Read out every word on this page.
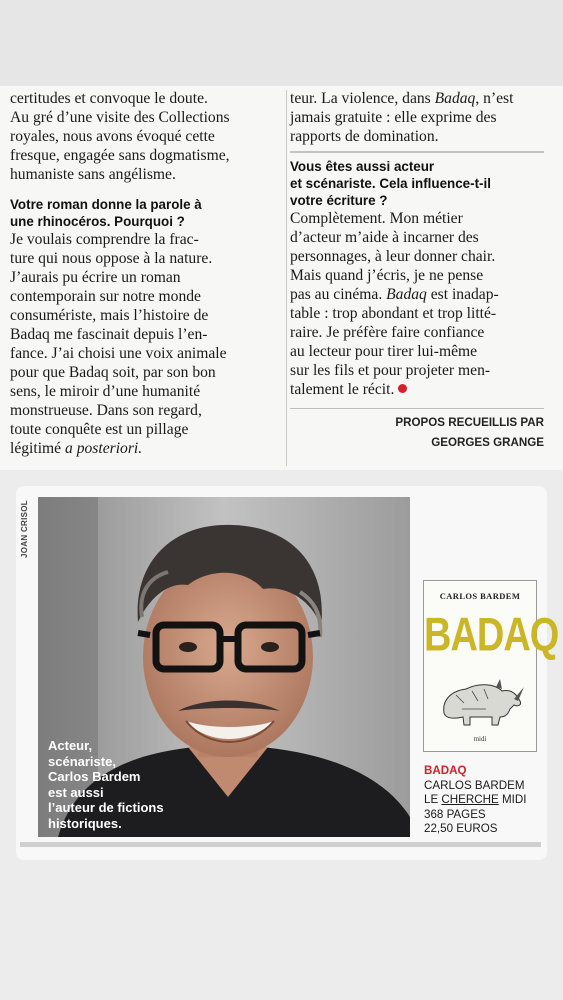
certitudes et convoque le doute.
Au gré d’une visite des Collections
royales, nous avons évoqué cette
fresque, engagée sans dogmatisme,
humaniste sans angélisme.

Votre roman donne la parole à
une rhinocéros. Pourquoi ?

Je voulais comprendre la frac-
ture qui nous oppose à la nature.
J’aurais pu écrire un roman
contemporain sur notre monde
consumériste, mais l’histoire de
Badaq me fascinait depuis l’en-
fance. J’ai choisi une voix animale
pour que Badaq soit, par son bon
sens, le miroir d’une humanité
monstrueuse. Dans son regard,
toute conquête est un pillage
légitimé a posteriori.

teur. La violence, dans Badaq, n’est
jamais gratuite : elle exprime des
rapports de domination.

Vous êtes aussi acteur
et scénariste. Cela influence-t-il
votre écriture ?

Complètement. Mon métier
d’acteur m’aide à incarner des
personnages, à leur donner chair.
Mais quand j’écris, je ne pense
pas au cinéma. Badaq est inadap-
table : trop abondant et trop litté-
raire. Je préfère faire confiance
au lecteur pour tirer lui-même
sur les fils et pour projeter men-
talement le récit.

PROPOS RECUEILLIS PAR
GEORGES GRANGE
JOAN CRISOL
Acteur,
scénariste,
Carlos Bardem
est aussi
l’auteur de fictions
historiques.
CARLOS BARDEM
BADAQ
midi
BADAQ
CARLOS BARDEM
LE CHERCHE MIDI
368 PAGES
22,50 EUROS
